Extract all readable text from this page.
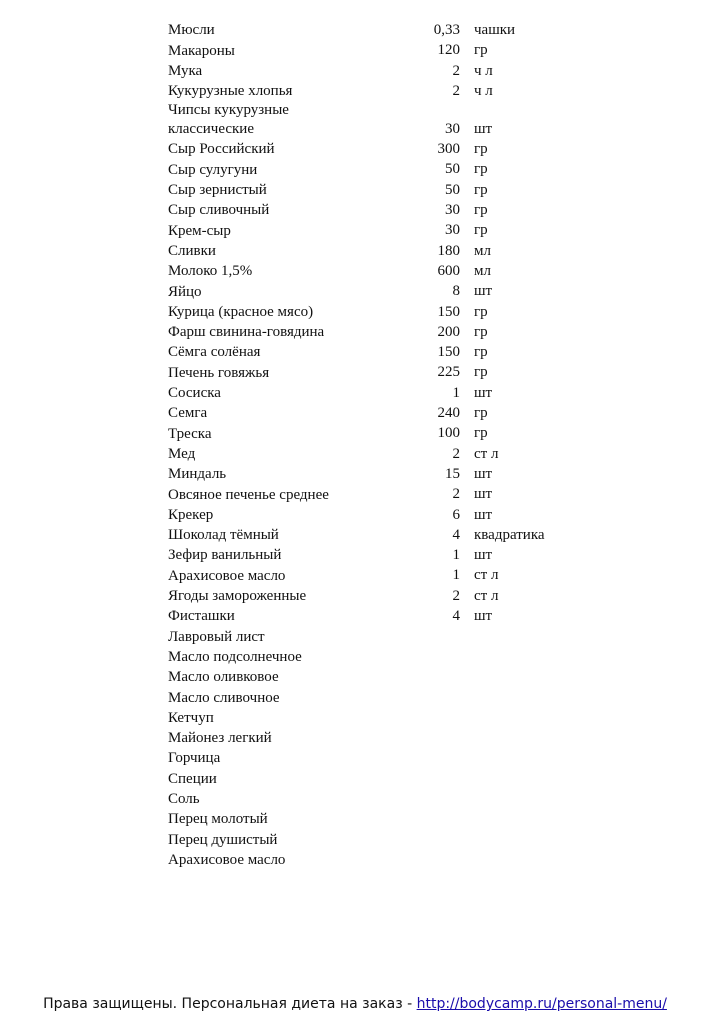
Мюсли	0,33 чашки
Макароны	120 гр
Мука	2 ч л
Кукурузные хлопья	2 ч л
Чипсы кукурузные
классические	30 шт
Сыр Российский	300 гр
Сыр сулугуни	50 гр
Сыр зернистый	50 гр
Сыр сливочный	30 гр
Крем-сыр	30 гр
Сливки	180 мл
Молоко 1,5%	600 мл
Яйцо	8 шт
Курица (красное мясо)	150 гр
Фарш свинина-говядина	200 гр
Сёмга солёная	150 гр
Печень говяжья	225 гр
Сосиска	1 шт
Семга	240 гр
Треска	100 гр
Мед	2 ст л
Миндаль	15 шт
Овсяное печенье среднее	2 шт
Крекер	6 шт
Шоколад тёмный	4 квадратика
Зефир ванильный	1 шт
Арахисовое масло	1 ст л
Ягоды замороженные	2 ст л
Фисташки	4 шт
Лавровый лист
Масло подсолнечное
Масло оливковое
Масло сливочное
Кетчуп
Майонез легкий
Горчица
Специи
Соль
Перец молотый
Перец душистый
Арахисовое масло
Права защищены. Персональная диета на заказ - http://bodycamp.ru/personal-menu/
